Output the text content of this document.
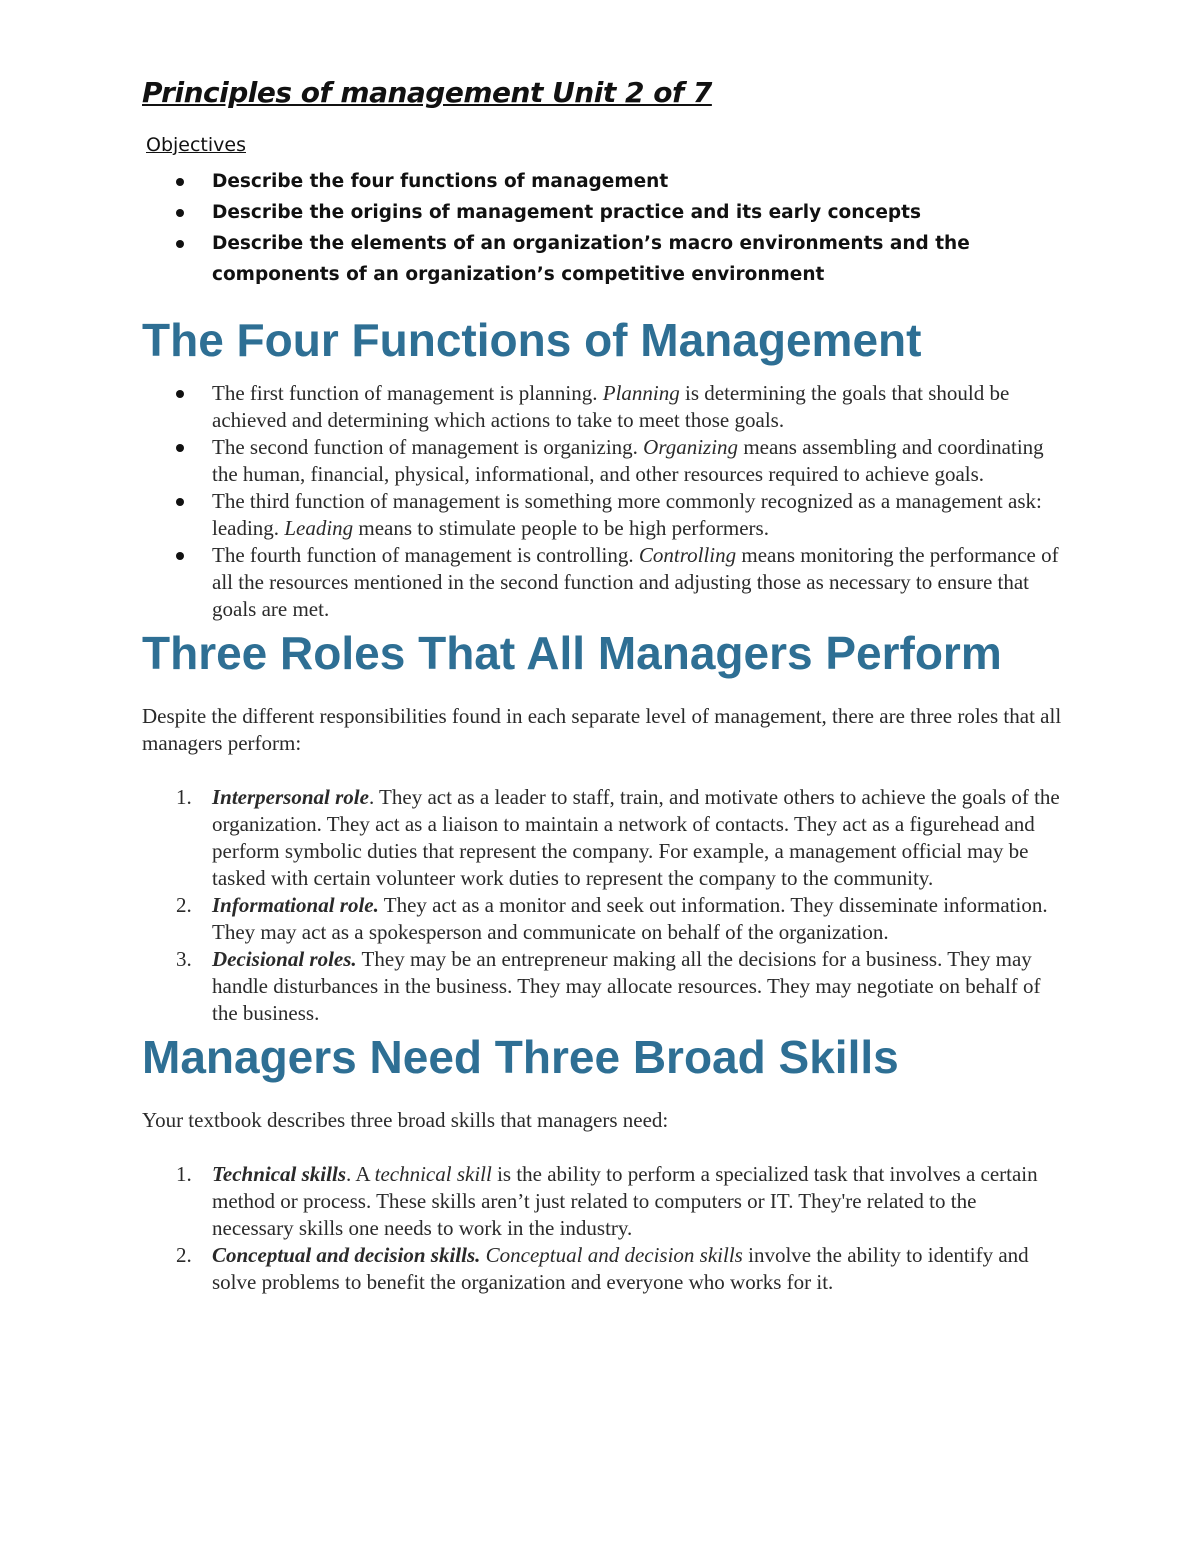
Principles of management Unit 2 of 7
Objectives
Describe the four functions of management
Describe the origins of management practice and its early concepts
Describe the elements of an organization’s macro environments and the components of an organization’s competitive environment
The Four Functions of Management
The first function of management is planning. Planning is determining the goals that should be achieved and determining which actions to take to meet those goals.
The second function of management is organizing. Organizing means assembling and coordinating the human, financial, physical, informational, and other resources required to achieve goals.
The third function of management is something more commonly recognized as a management ask: leading. Leading means to stimulate people to be high performers.
The fourth function of management is controlling. Controlling means monitoring the performance of all the resources mentioned in the second function and adjusting those as necessary to ensure that goals are met.
Three Roles That All Managers Perform

Despite the different responsibilities found in each separate level of management, there are three roles that all managers perform:

1. Interpersonal role. They act as a leader to staff, train, and motivate others to achieve the goals of the organization. They act as a liaison to maintain a network of contacts. They act as a figurehead and perform symbolic duties that represent the company. For example, a management official may be tasked with certain volunteer work duties to represent the company to the community.
2. Informational role. They act as a monitor and seek out information. They disseminate information. They may act as a spokesperson and communicate on behalf of the organization.
3. Decisional roles. They may be an entrepreneur making all the decisions for a business. They may handle disturbances in the business. They may allocate resources. They may negotiate on behalf of the business.
Managers Need Three Broad Skills

Your textbook describes three broad skills that managers need:

1. Technical skills. A technical skill is the ability to perform a specialized task that involves a certain method or process. These skills aren’t just related to computers or IT. They're related to the necessary skills one needs to work in the industry.
2. Conceptual and decision skills. Conceptual and decision skills involve the ability to identify and solve problems to benefit the organization and everyone who works for it.
